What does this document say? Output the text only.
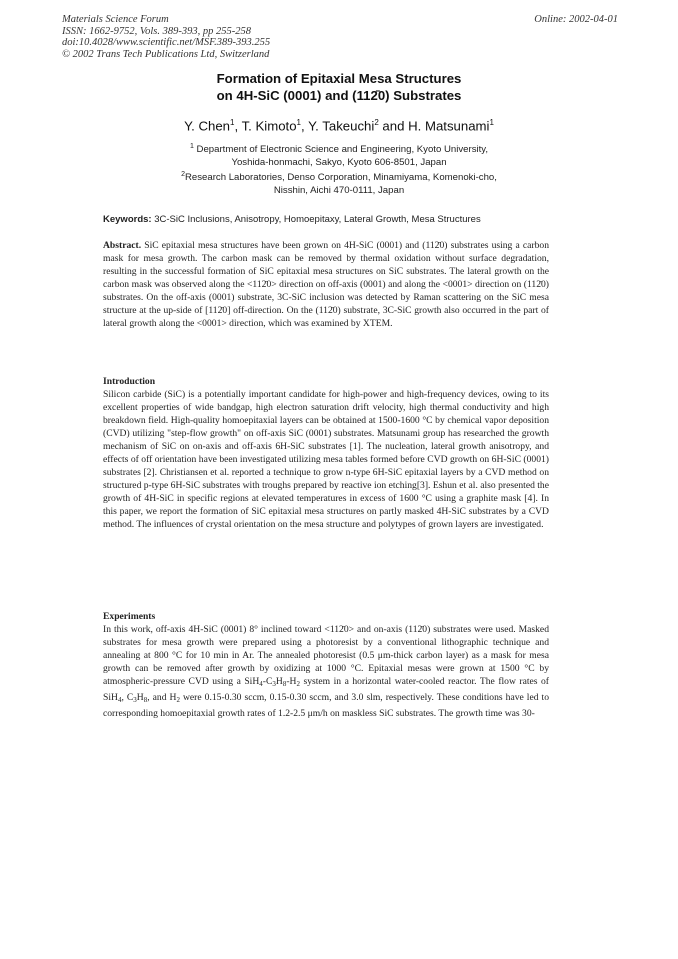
Materials Science Forum
ISSN: 1662-9752, Vols. 389-393, pp 255-258
doi:10.4028/www.scientific.net/MSF.389-393.255
© 2002 Trans Tech Publications Ltd, Switzerland
Online: 2002-04-01
Formation of Epitaxial Mesa Structures
on 4H-SiC (0001) and (112̄0) Substrates
Y. Chen$^1$, T. Kimoto$^1$, Y. Takeuchi$^2$ and H. Matsunami$^1$
$^1$ Department of Electronic Science and Engineering, Kyoto University,
Yoshida-honmachi, Sakyo, Kyoto 606-8501, Japan
$^2$Research Laboratories, Denso Corporation, Minamiyama, Komenoki-cho,
Nisshin, Aichi 470-0111, Japan
Keywords: 3C-SiC Inclusions, Anisotropy, Homoepitaxy, Lateral Growth, Mesa Structures
Abstract. SiC epitaxial mesa structures have been grown on 4H-SiC (0001) and (112̄0) substrates using a carbon mask for mesa growth. The carbon mask can be removed by thermal oxidation without surface degradation, resulting in the successful formation of SiC epitaxial mesa structures on SiC substrates. The lateral growth on the carbon mask was observed along the <112̄0> direction on off-axis (0001) and along the <0001> direction on (112̄0) substrates. On the off-axis (0001) substrate, 3C-SiC inclusion was detected by Raman scattering on the SiC mesa structure at the up-side of [112̄0] off-direction. On the (112̄0) substrate, 3C-SiC growth also occurred in the part of lateral growth along the <0001> direction, which was examined by XTEM.
Introduction
Silicon carbide (SiC) is a potentially important candidate for high-power and high-frequency devices, owing to its excellent properties of wide bandgap, high electron saturation drift velocity, high thermal conductivity and high breakdown field. High-quality homoepitaxial layers can be obtained at 1500-1600 °C by chemical vapor deposition (CVD) utilizing "step-flow growth" on off-axis SiC (0001) substrates. Matsunami group has researched the growth mechanism of SiC on on-axis and off-axis 6H-SiC substrates [1]. The nucleation, lateral growth anisotropy, and effects of off orientation have been investigated utilizing mesa tables formed before CVD growth on 6H-SiC (0001) substrates [2]. Christiansen et al. reported a technique to grow n-type 6H-SiC epitaxial layers by a CVD method on structured p-type 6H-SiC substrates with troughs prepared by reactive ion etching[3]. Eshun et al. also presented the growth of 4H-SiC in specific regions at elevated temperatures in excess of 1600 °C using a graphite mask [4]. In this paper, we report the formation of SiC epitaxial mesa structures on partly masked 4H-SiC substrates by a CVD method. The influences of crystal orientation on the mesa structure and polytypes of grown layers are investigated.
Experiments
In this work, off-axis 4H-SiC (0001) 8° inclined toward <112̄0> and on-axis (112̄0) substrates were used. Masked substrates for mesa growth were prepared using a photoresist by a conventional lithographic technique and annealing at 800 °C for 10 min in Ar. The annealed photoresist (0.5 μm-thick carbon layer) as a mask for mesa growth can be removed after growth by oxidizing at 1000 °C. Epitaxial mesas were grown at 1500 °C by atmospheric-pressure CVD using a $SiH_4-C_3H_8-H_2$ system in a horizontal water-cooled reactor. The flow rates of SiH$_4$, $C_3H_8$, and $H_2$ were 0.15-0.30 sccm, 0.15-0.30 sccm, and 3.0 slm, respectively. These conditions have led to corresponding homoepitaxial growth rates of 1.2-2.5 μm/h on maskless SiC substrates. The growth time was 30-
